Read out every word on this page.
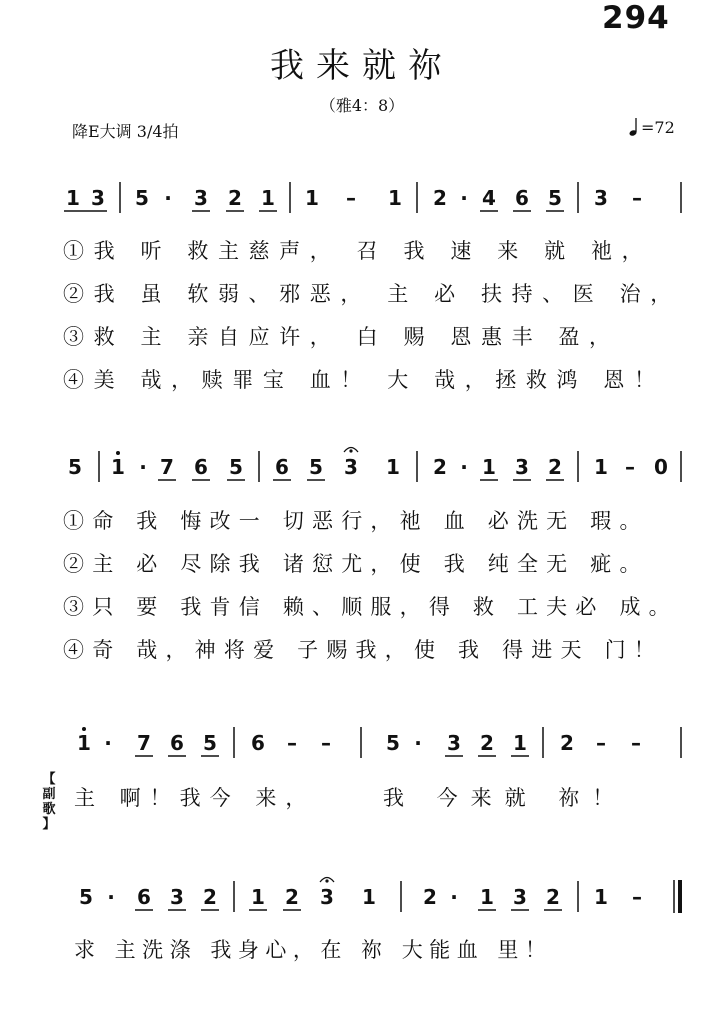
294
我来就祢
（雅4：8）
降E大调 3/4拍	=72
1 3 5 · 3 2 1 1 – 1 2 · 4 6 5 3 –
5 1 · 7 6 5 6 5 3 1 2 · 1 3 2 1 – 0
1 · 7 6 5 6 – –	5 · 3 2 1 2 – –
5 · 6 3 2 1 2 3 1 2 · 1 3 2 1 –
①我 听 救主慈声， 召 我 速 来 就 祂，
②我 虽 软弱、邪恶， 主 必 扶持、医 治，
③救 主 亲自应许， 白 赐 恩惠丰 盈，
④美 哉，赎罪宝 血！ 大 哉，拯救鸿 恩！
①命 我 悔改一 切恶行，祂 血 必洗无 瑕。
②主 必 尽除我 诸愆尤，使 我 纯全无 疵。
③只 要 我肯信 赖、顺服，得 救 工夫必 成。
④奇 哉，神将爱 子赐我，使 我 得进天 门！
主 啊！我今 来，	我 今来就 祢！
求 主洗涤 我身心，在 祢 大能血 里！
【
副
歌
】
